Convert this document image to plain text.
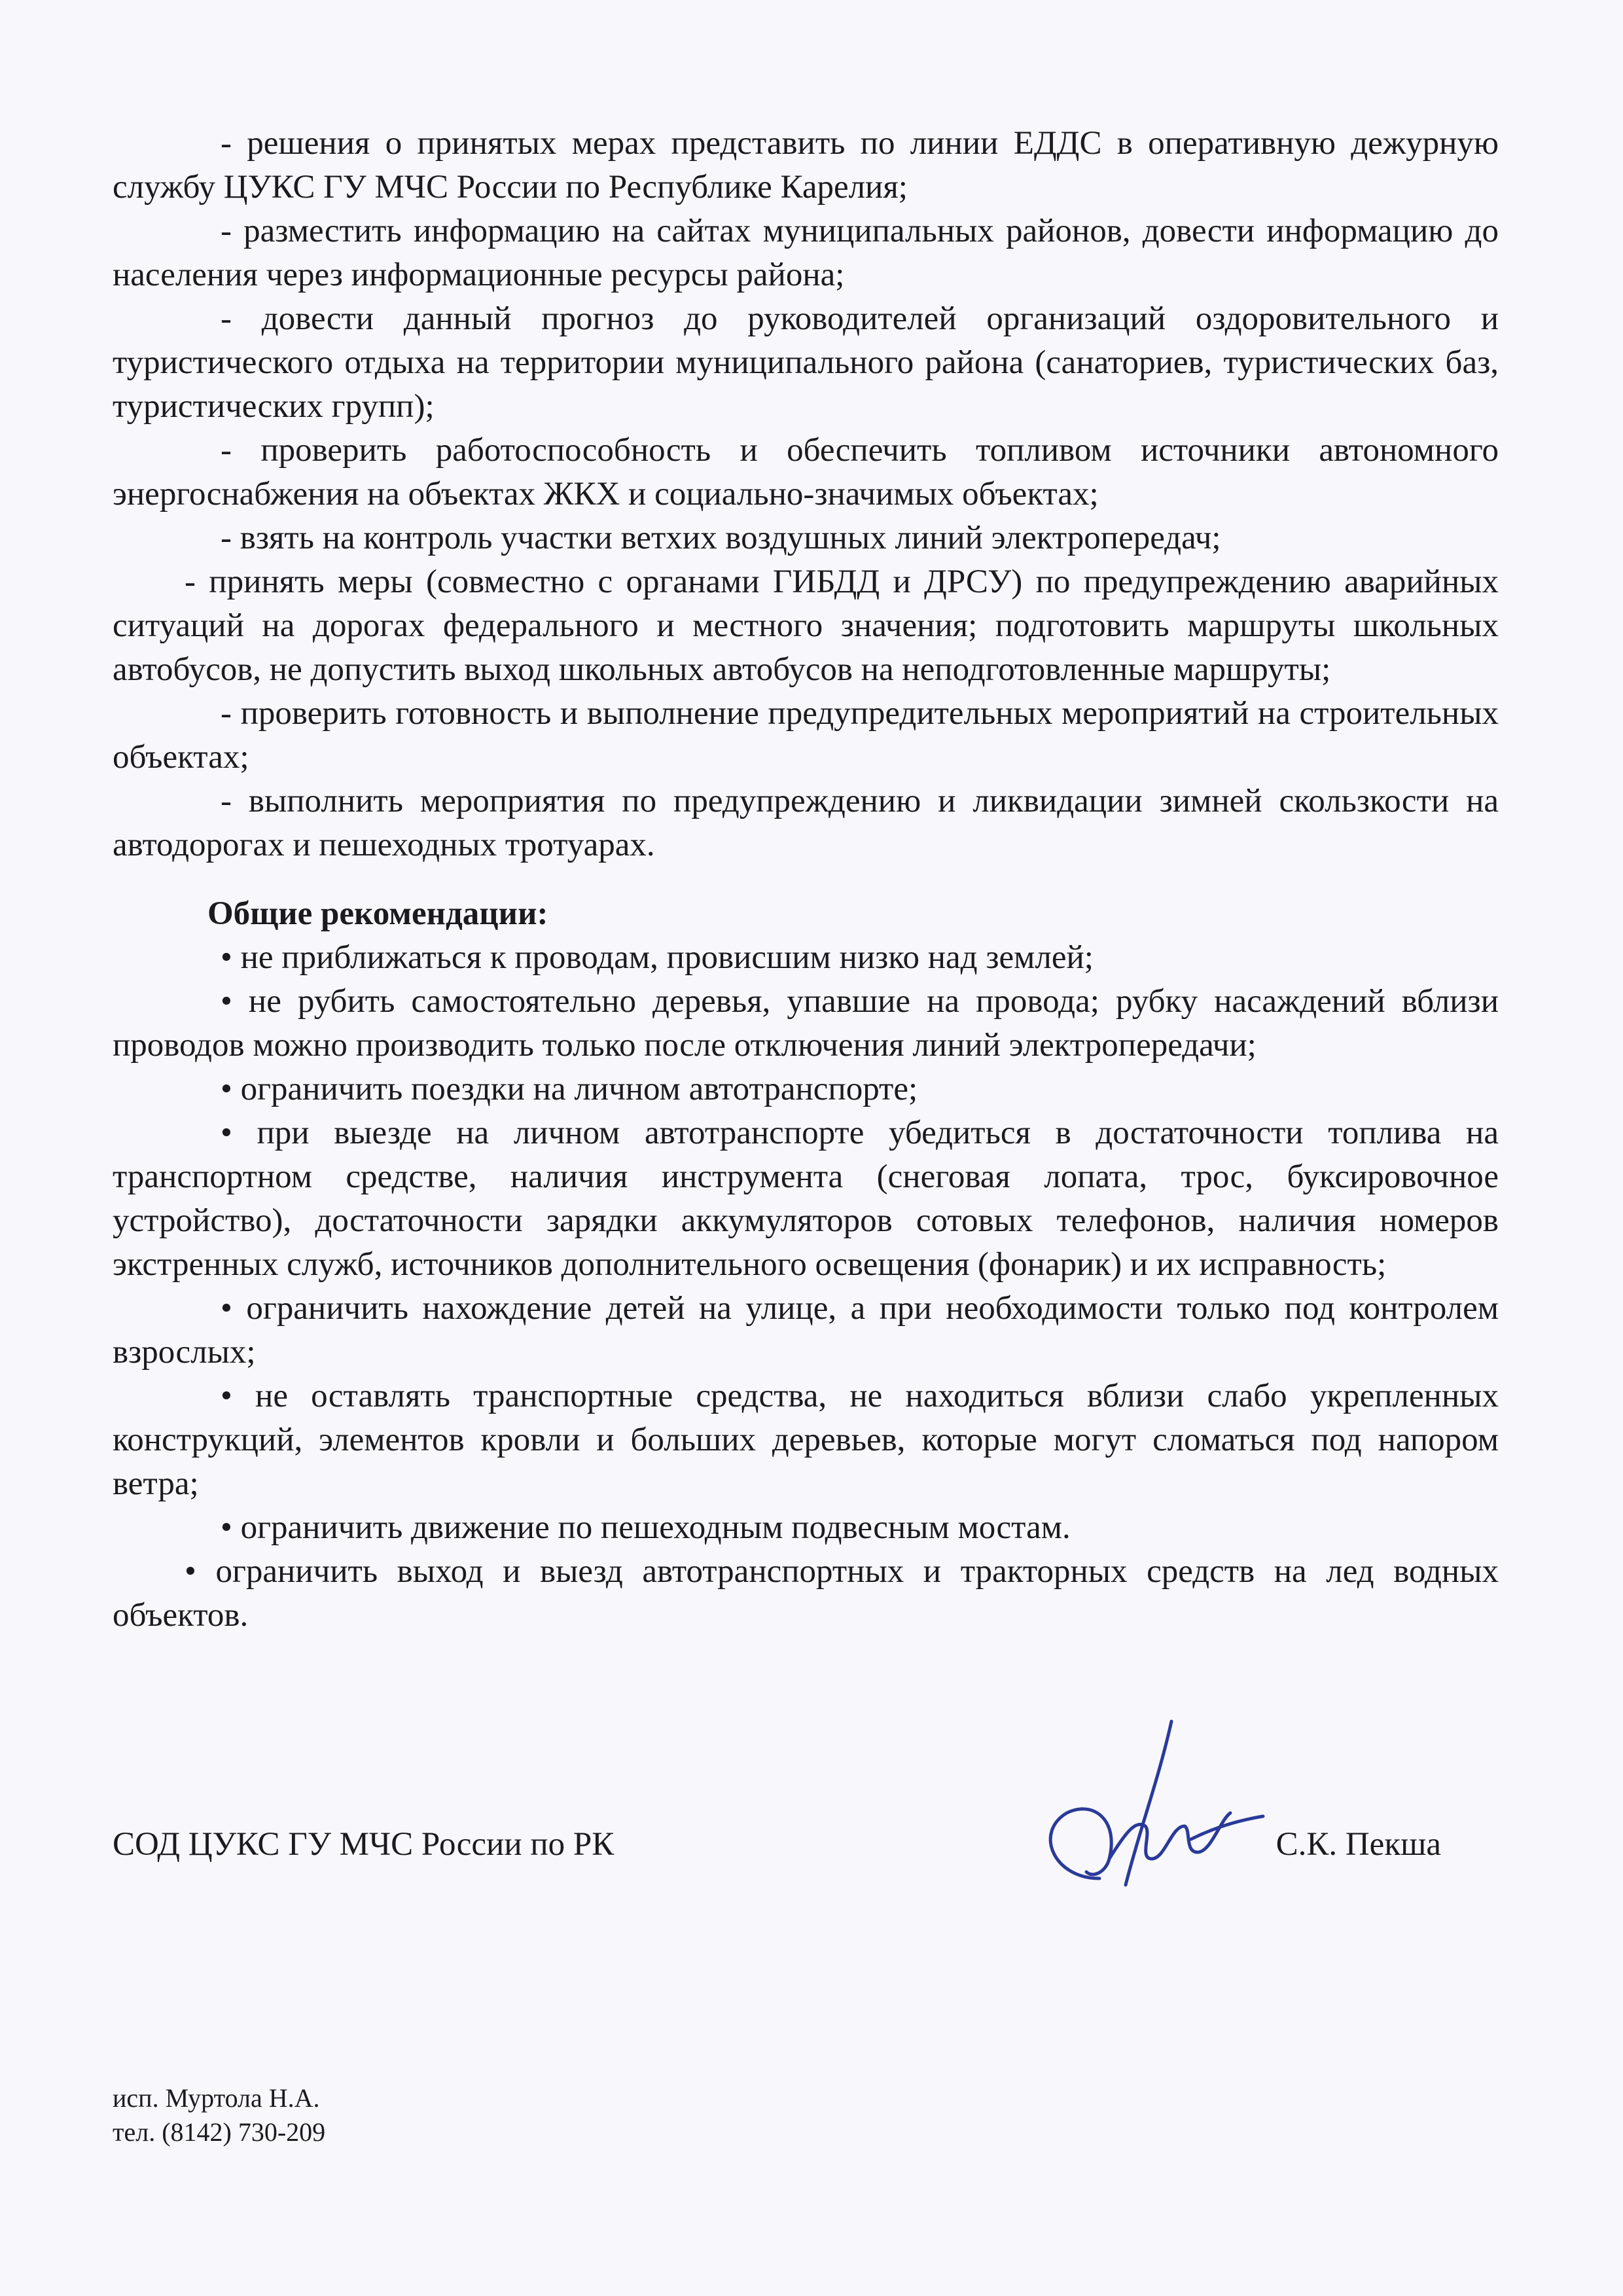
- решения о принятых мерах представить по линии ЕДДС в оперативную дежурную службу ЦУКС ГУ МЧС России по Республике Карелия;

- разместить информацию на сайтах муниципальных районов, довести информацию до населения через информационные ресурсы района;

- довести данный прогноз до руководителей организаций оздоровительного и туристического отдыха на территории муниципального района (санаториев, туристических баз, туристических групп);

- проверить работоспособность и обеспечить топливом источники автономного энергоснабжения на объектах ЖКХ и социально-значимых объектах;

- взять на контроль участки ветхих воздушных линий электропередач;

- принять меры (совместно с органами ГИБДД и ДРСУ) по предупреждению аварийных ситуаций на дорогах федерального и местного значения; подготовить маршруты школьных автобусов, не допустить выход школьных автобусов на неподготовленные маршруты;

- проверить готовность и выполнение предупредительных мероприятий на строительных объектах;

- выполнить мероприятия по предупреждению и ликвидации зимней скользкости на автодорогах и пешеходных тротуарах.

Общие рекомендации:

• не приближаться к проводам, провисшим низко над землей;

• не рубить самостоятельно деревья, упавшие на провода; рубку насаждений вблизи проводов можно производить только после отключения линий электропередачи;

• ограничить поездки на личном автотранспорте;

• при выезде на личном автотранспорте убедиться в достаточности топлива на транспортном средстве, наличия инструмента (снеговая лопата, трос, буксировочное устройство), достаточности зарядки аккумуляторов сотовых телефонов, наличия номеров экстренных служб, источников дополнительного освещения (фонарик) и их исправность;

• ограничить нахождение детей на улице, а при необходимости только под контролем взрослых;

• не оставлять транспортные средства, не находиться вблизи слабо укрепленных конструкций, элементов кровли и больших деревьев, которые могут сломаться под напором ветра;

• ограничить движение по пешеходным подвесным мостам.

• ограничить выход и выезд автотранспортных и тракторных средств на лед водных объектов.

СОД ЦУКС ГУ МЧС России по РК	С.К. Пекша
исп. Муртола Н.А.
тел. (8142) 730-209
